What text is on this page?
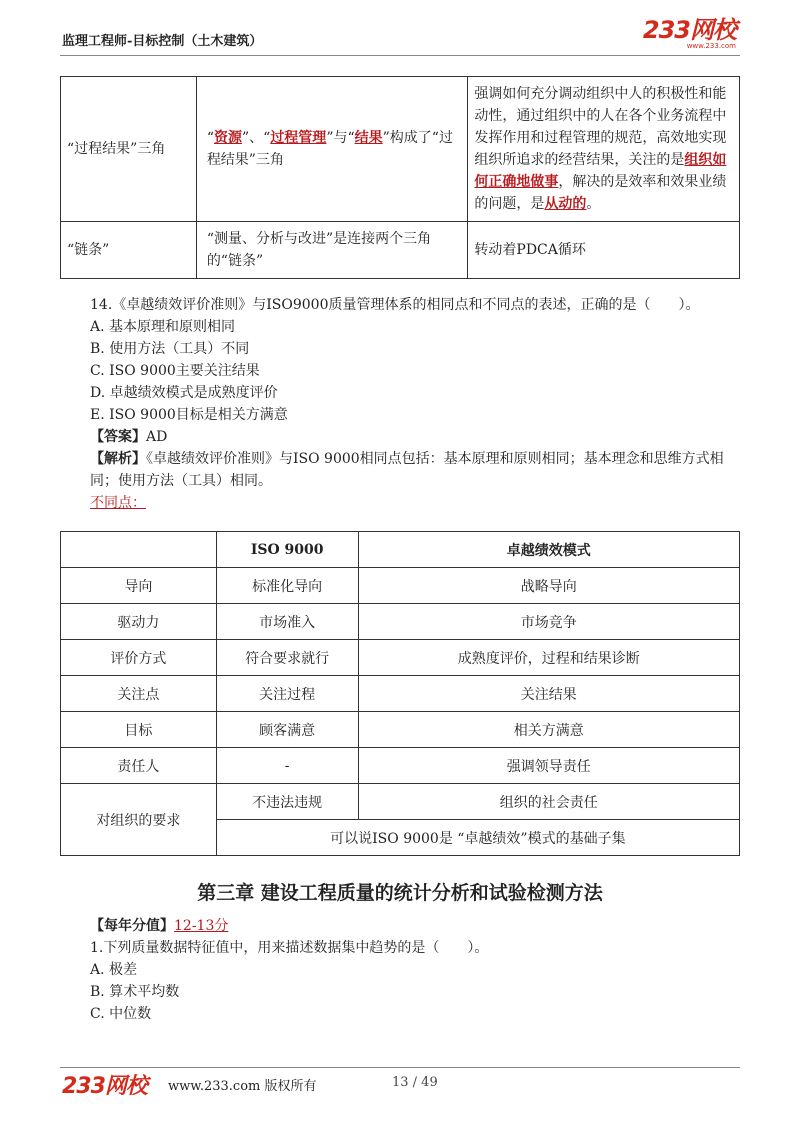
监理工程师-目标控制（土木建筑）	233网校
www.233.com
“过程结果”三角	“资源”、“过程管理”与“结果”构成了“过程结果”三角	强调如何充分调动组织中人的积极性和能动性，通过组织中的人在各个业务流程中发挥作用和过程管理的规范，高效地实现组织所追求的经营结果，关注的是组织如何正确地做事，解决的是效率和效果业绩的问题，是从动的。
“链条”	“测量、分析与改进”是连接两个三角的“链条”	转动着PDCA循环
14.《卓越绩效评价准则》与ISO9000质量管理体系的相同点和不同点的表述，正确的是（　　）。
A. 基本原理和原则相同
B. 使用方法（工具）不同
C. ISO 9000主要关注结果
D. 卓越绩效模式是成熟度评价
E. ISO 9000目标是相关方满意
【答案】AD
【解析】《卓越绩效评价准则》与ISO 9000相同点包括：基本原理和原则相同；基本理念和思维方式相同；使用方法（工具）相同。
不同点：
	ISO 9000	卓越绩效模式
导向	标准化导向	战略导向
驱动力	市场准入	市场竞争
评价方式	符合要求就行	成熟度评价，过程和结果诊断
关注点	关注过程	关注结果
目标	顾客满意	相关方满意
责任人	-	强调领导责任
对组织的要求	不违法违规	组织的社会责任
	可以说ISO 9000是 “卓越绩效”模式的基础子集	
第三章 建设工程质量的统计分析和试验检测方法
【每年分值】12-13分
1.下列质量数据特征值中，用来描述数据集中趋势的是（　　）。
A. 极差
B. 算术平均数
C. 中位数
233网校 www.233.com 版权所有	13 / 49
